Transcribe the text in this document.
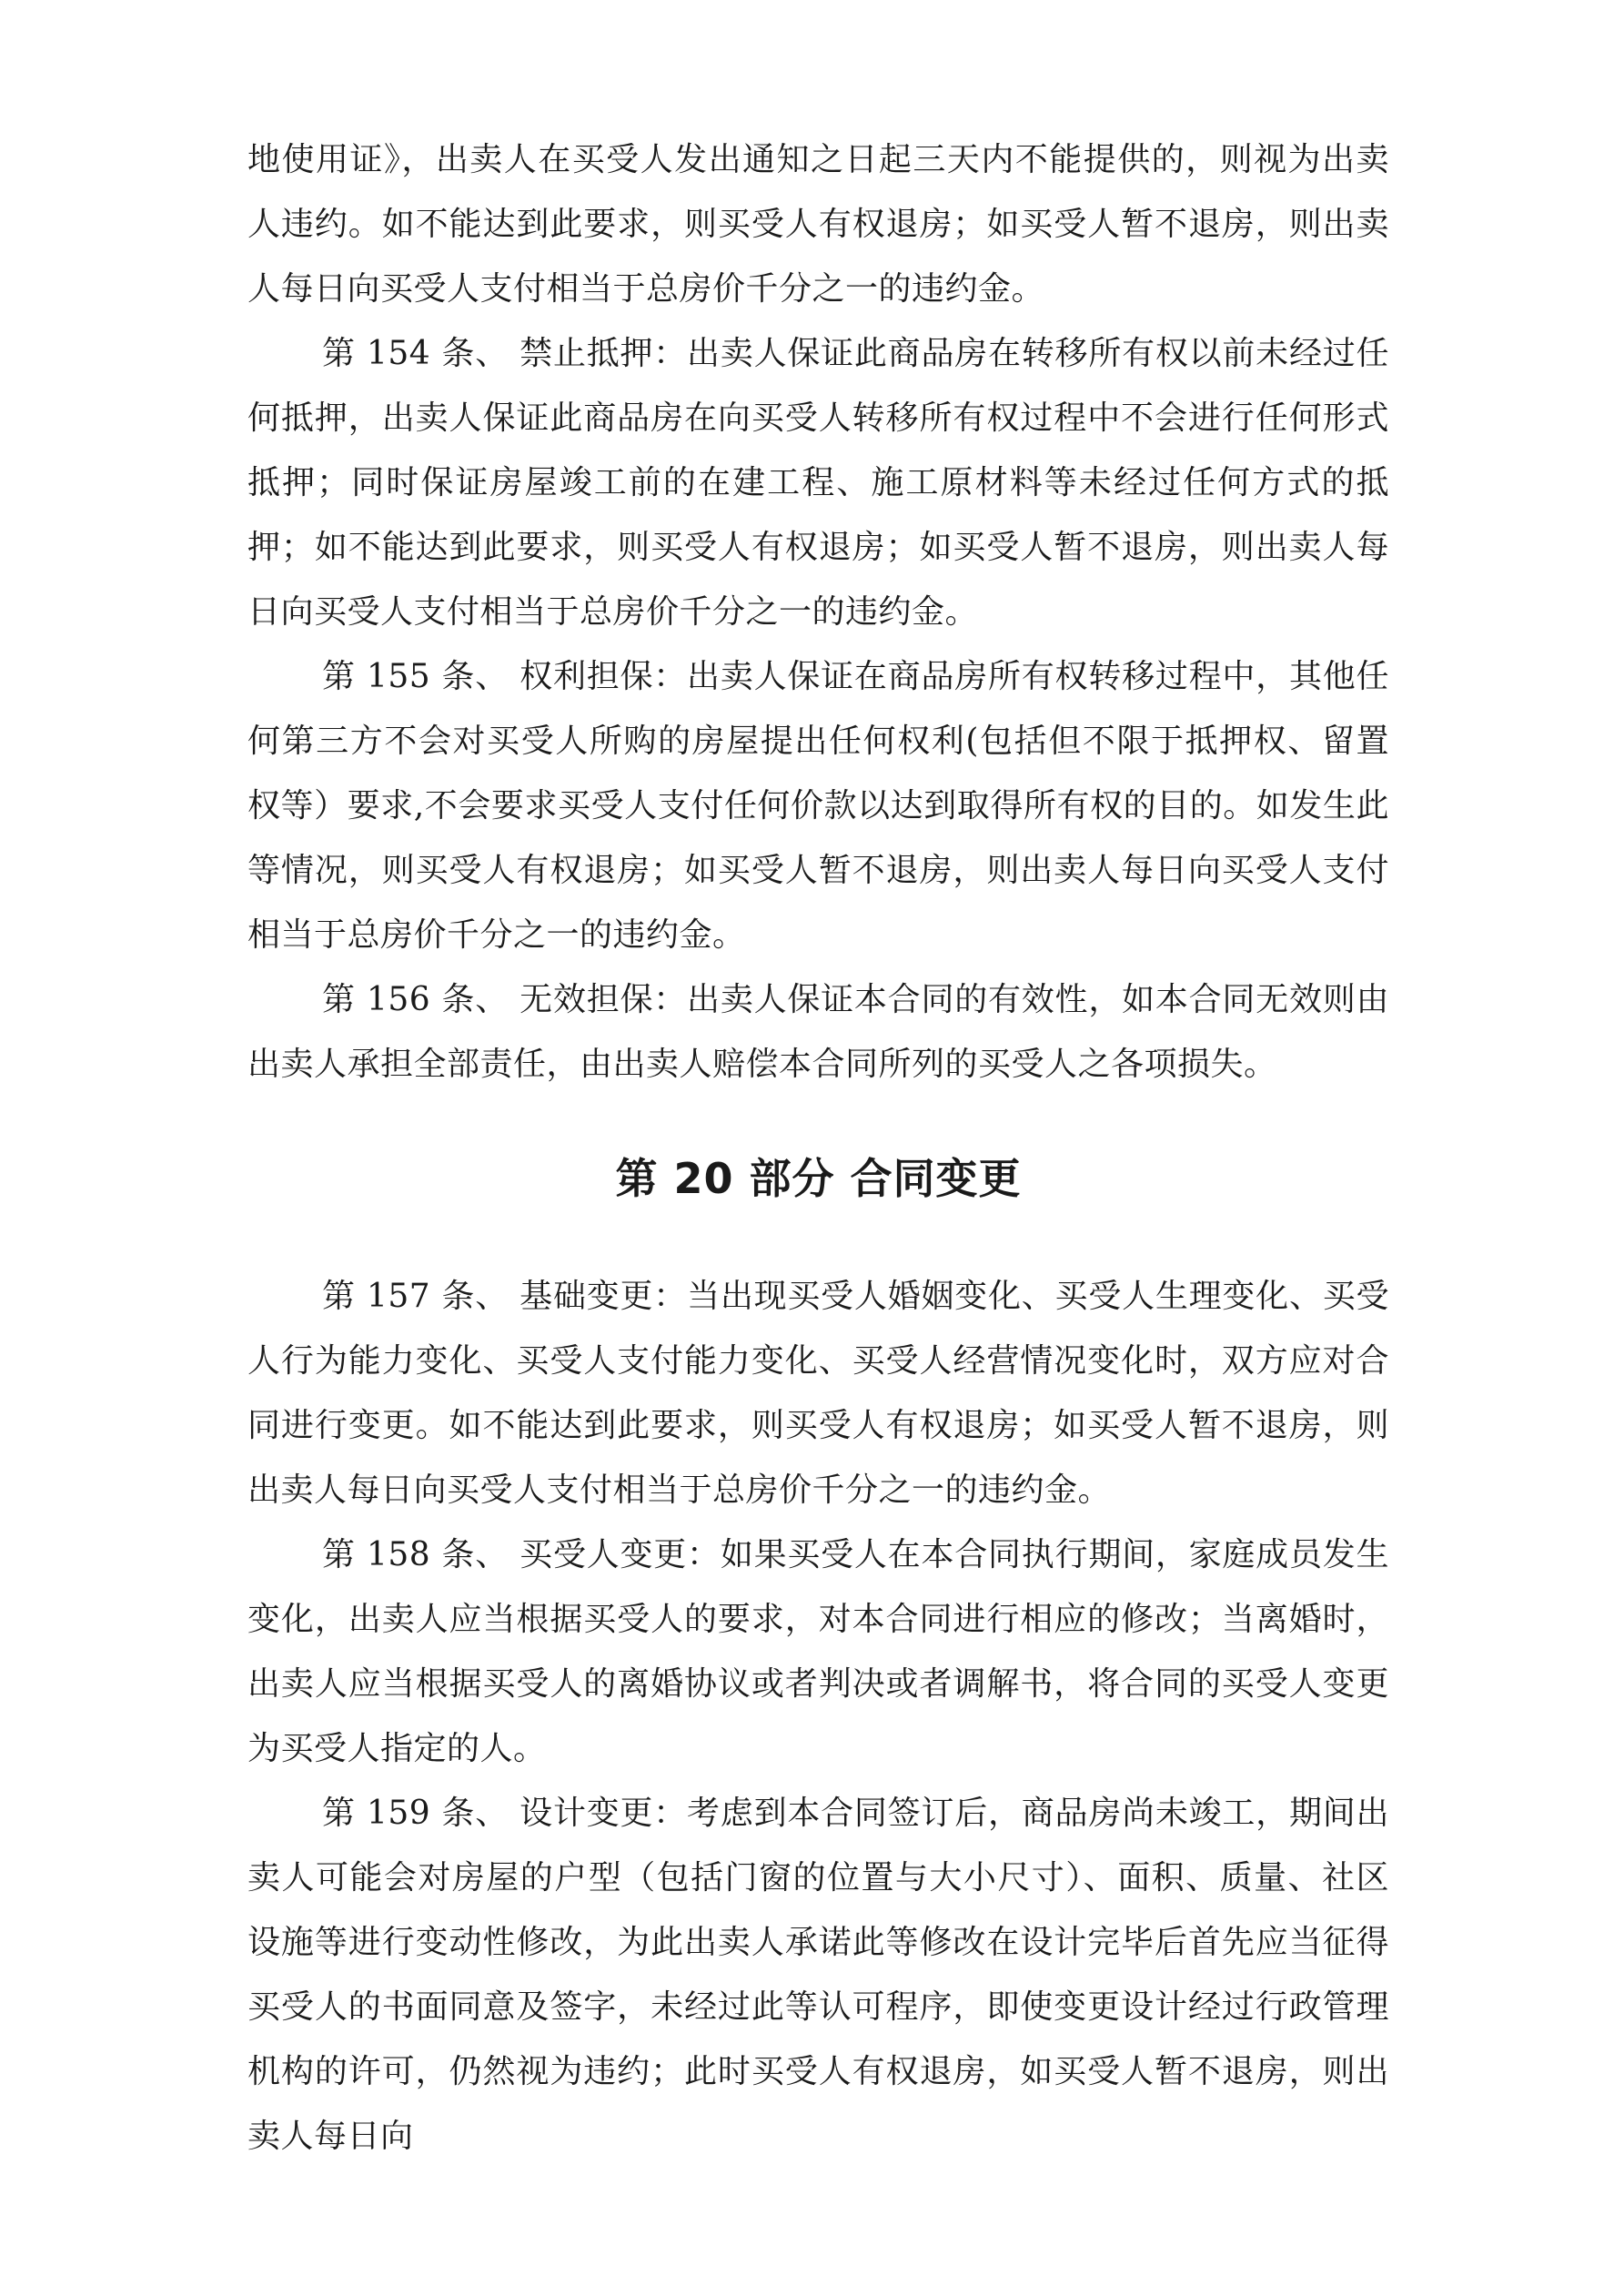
地使用证》，出卖人在买受人发出通知之日起三天内不能提供的，则视为出卖人违约。如不能达到此要求，则买受人有权退房；如买受人暂不退房，则出卖人每日向买受人支付相当于总房价千分之一的违约金。

第 154 条、 禁止抵押：出卖人保证此商品房在转移所有权以前未经过任何抵押，出卖人保证此商品房在向买受人转移所有权过程中不会进行任何形式抵押；同时保证房屋竣工前的在建工程、施工原材料等未经过任何方式的抵押；如不能达到此要求，则买受人有权退房；如买受人暂不退房，则出卖人每日向买受人支付相当于总房价千分之一的违约金。

第 155 条、 权利担保：出卖人保证在商品房所有权转移过程中，其他任何第三方不会对买受人所购的房屋提出任何权利(包括但不限于抵押权、留置权等）要求,不会要求买受人支付任何价款以达到取得所有权的目的。如发生此等情况，则买受人有权退房；如买受人暂不退房，则出卖人每日向买受人支付相当于总房价千分之一的违约金。

第 156 条、 无效担保：出卖人保证本合同的有效性，如本合同无效则由出卖人承担全部责任，由出卖人赔偿本合同所列的买受人之各项损失。

第 20 部分 合同变更

第 157 条、 基础变更：当出现买受人婚姻变化、买受人生理变化、买受人行为能力变化、买受人支付能力变化、买受人经营情况变化时，双方应对合同进行变更。如不能达到此要求，则买受人有权退房；如买受人暂不退房，则出卖人每日向买受人支付相当于总房价千分之一的违约金。

第 158 条、 买受人变更：如果买受人在本合同执行期间，家庭成员发生变化，出卖人应当根据买受人的要求，对本合同进行相应的修改；当离婚时，出卖人应当根据买受人的离婚协议或者判决或者调解书，将合同的买受人变更为买受人指定的人。

第 159 条、 设计变更：考虑到本合同签订后，商品房尚未竣工，期间出卖人可能会对房屋的户型（包括门窗的位置与大小尺寸）、面积、质量、社区设施等进行变动性修改，为此出卖人承诺此等修改在设计完毕后首先应当征得买受人的书面同意及签字，未经过此等认可程序，即使变更设计经过行政管理机构的许可，仍然视为违约；此时买受人有权退房，如买受人暂不退房，则出卖人每日向
